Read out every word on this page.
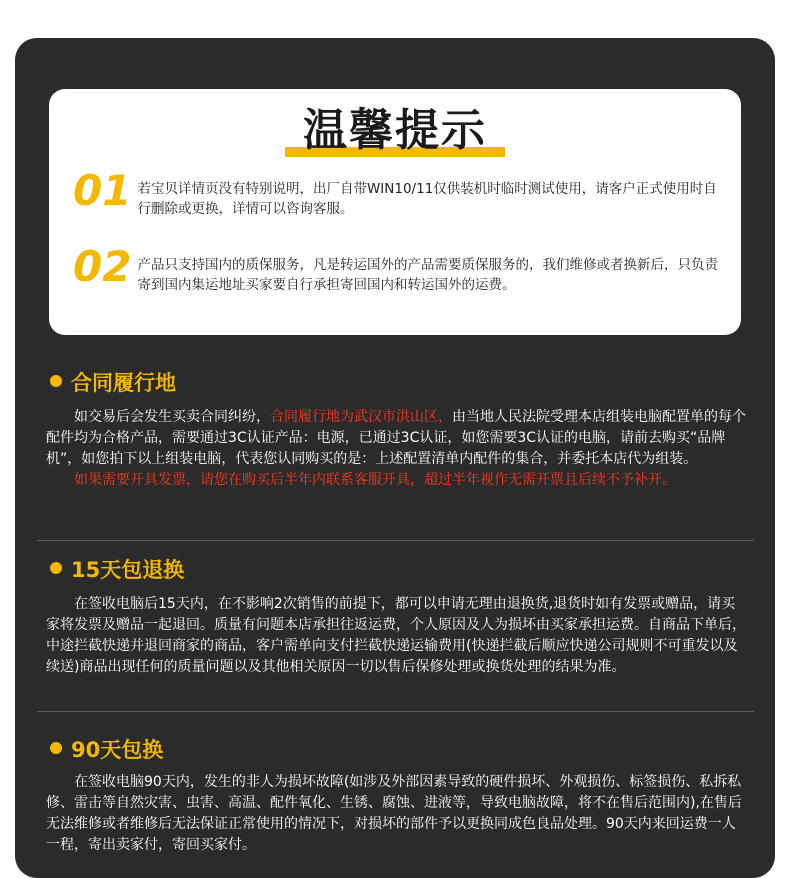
温馨提示
01 若宝贝详情页没有特别说明，出厂自带WIN10/11仅供装机时临时测试使用，请客户正式使用时自行删除或更换，详情可以咨询客服。
02 产品只支持国内的质保服务，凡是转运国外的产品需要质保服务的，我们维修或者换新后，只负责寄到国内集运地址买家要自行承担寄回国内和转运国外的运费。
合同履行地

如交易后会发生买卖合同纠纷，合同履行地为武汉市洪山区，由当地人民法院受理本店组装电脑配置单的每个配件均为合格产品，需要通过3C认证产品：电源，已通过3C认证，如您需要3C认证的电脑，请前去购买“品牌机”，如您拍下以上组装电脑，代表您认同购买的是：上述配置清单内配件的集合，并委托本店代为组装。

如果需要开具发票，请您在购买后半年内联系客服开具，超过半年视作无需开票且后续不予补开。

15天包退换

在签收电脑后15天内，在不影响2次销售的前提下，都可以申请无理由退换货,退货时如有发票或赠品，请买家将发票及赠品一起退回。质量有问题本店承担往返运费，个人原因及人为损坏由买家承担运费。自商品下单后，中途拦截快递并退回商家的商品，客户需单向支付拦截快递运输费用(快递拦截后顺应快递公司规则不可重发以及续送)商品出现任何的质量问题以及其他相关原因一切以售后保修处理或换货处理的结果为准。

90天包换

在签收电脑90天内，发生的非人为损坏故障(如涉及外部因素导致的硬件损坏、外观损伤、标签损伤、私拆私修、雷击等自然灾害、虫害、高温、配件氧化、生锈、腐蚀、进液等，导致电脑故障，将不在售后范围内),在售后无法维修或者维修后无法保证正常使用的情况下，对损坏的部件予以更换同成色良品处理。90天内来回运费一人一程，寄出卖家付，寄回买家付。
